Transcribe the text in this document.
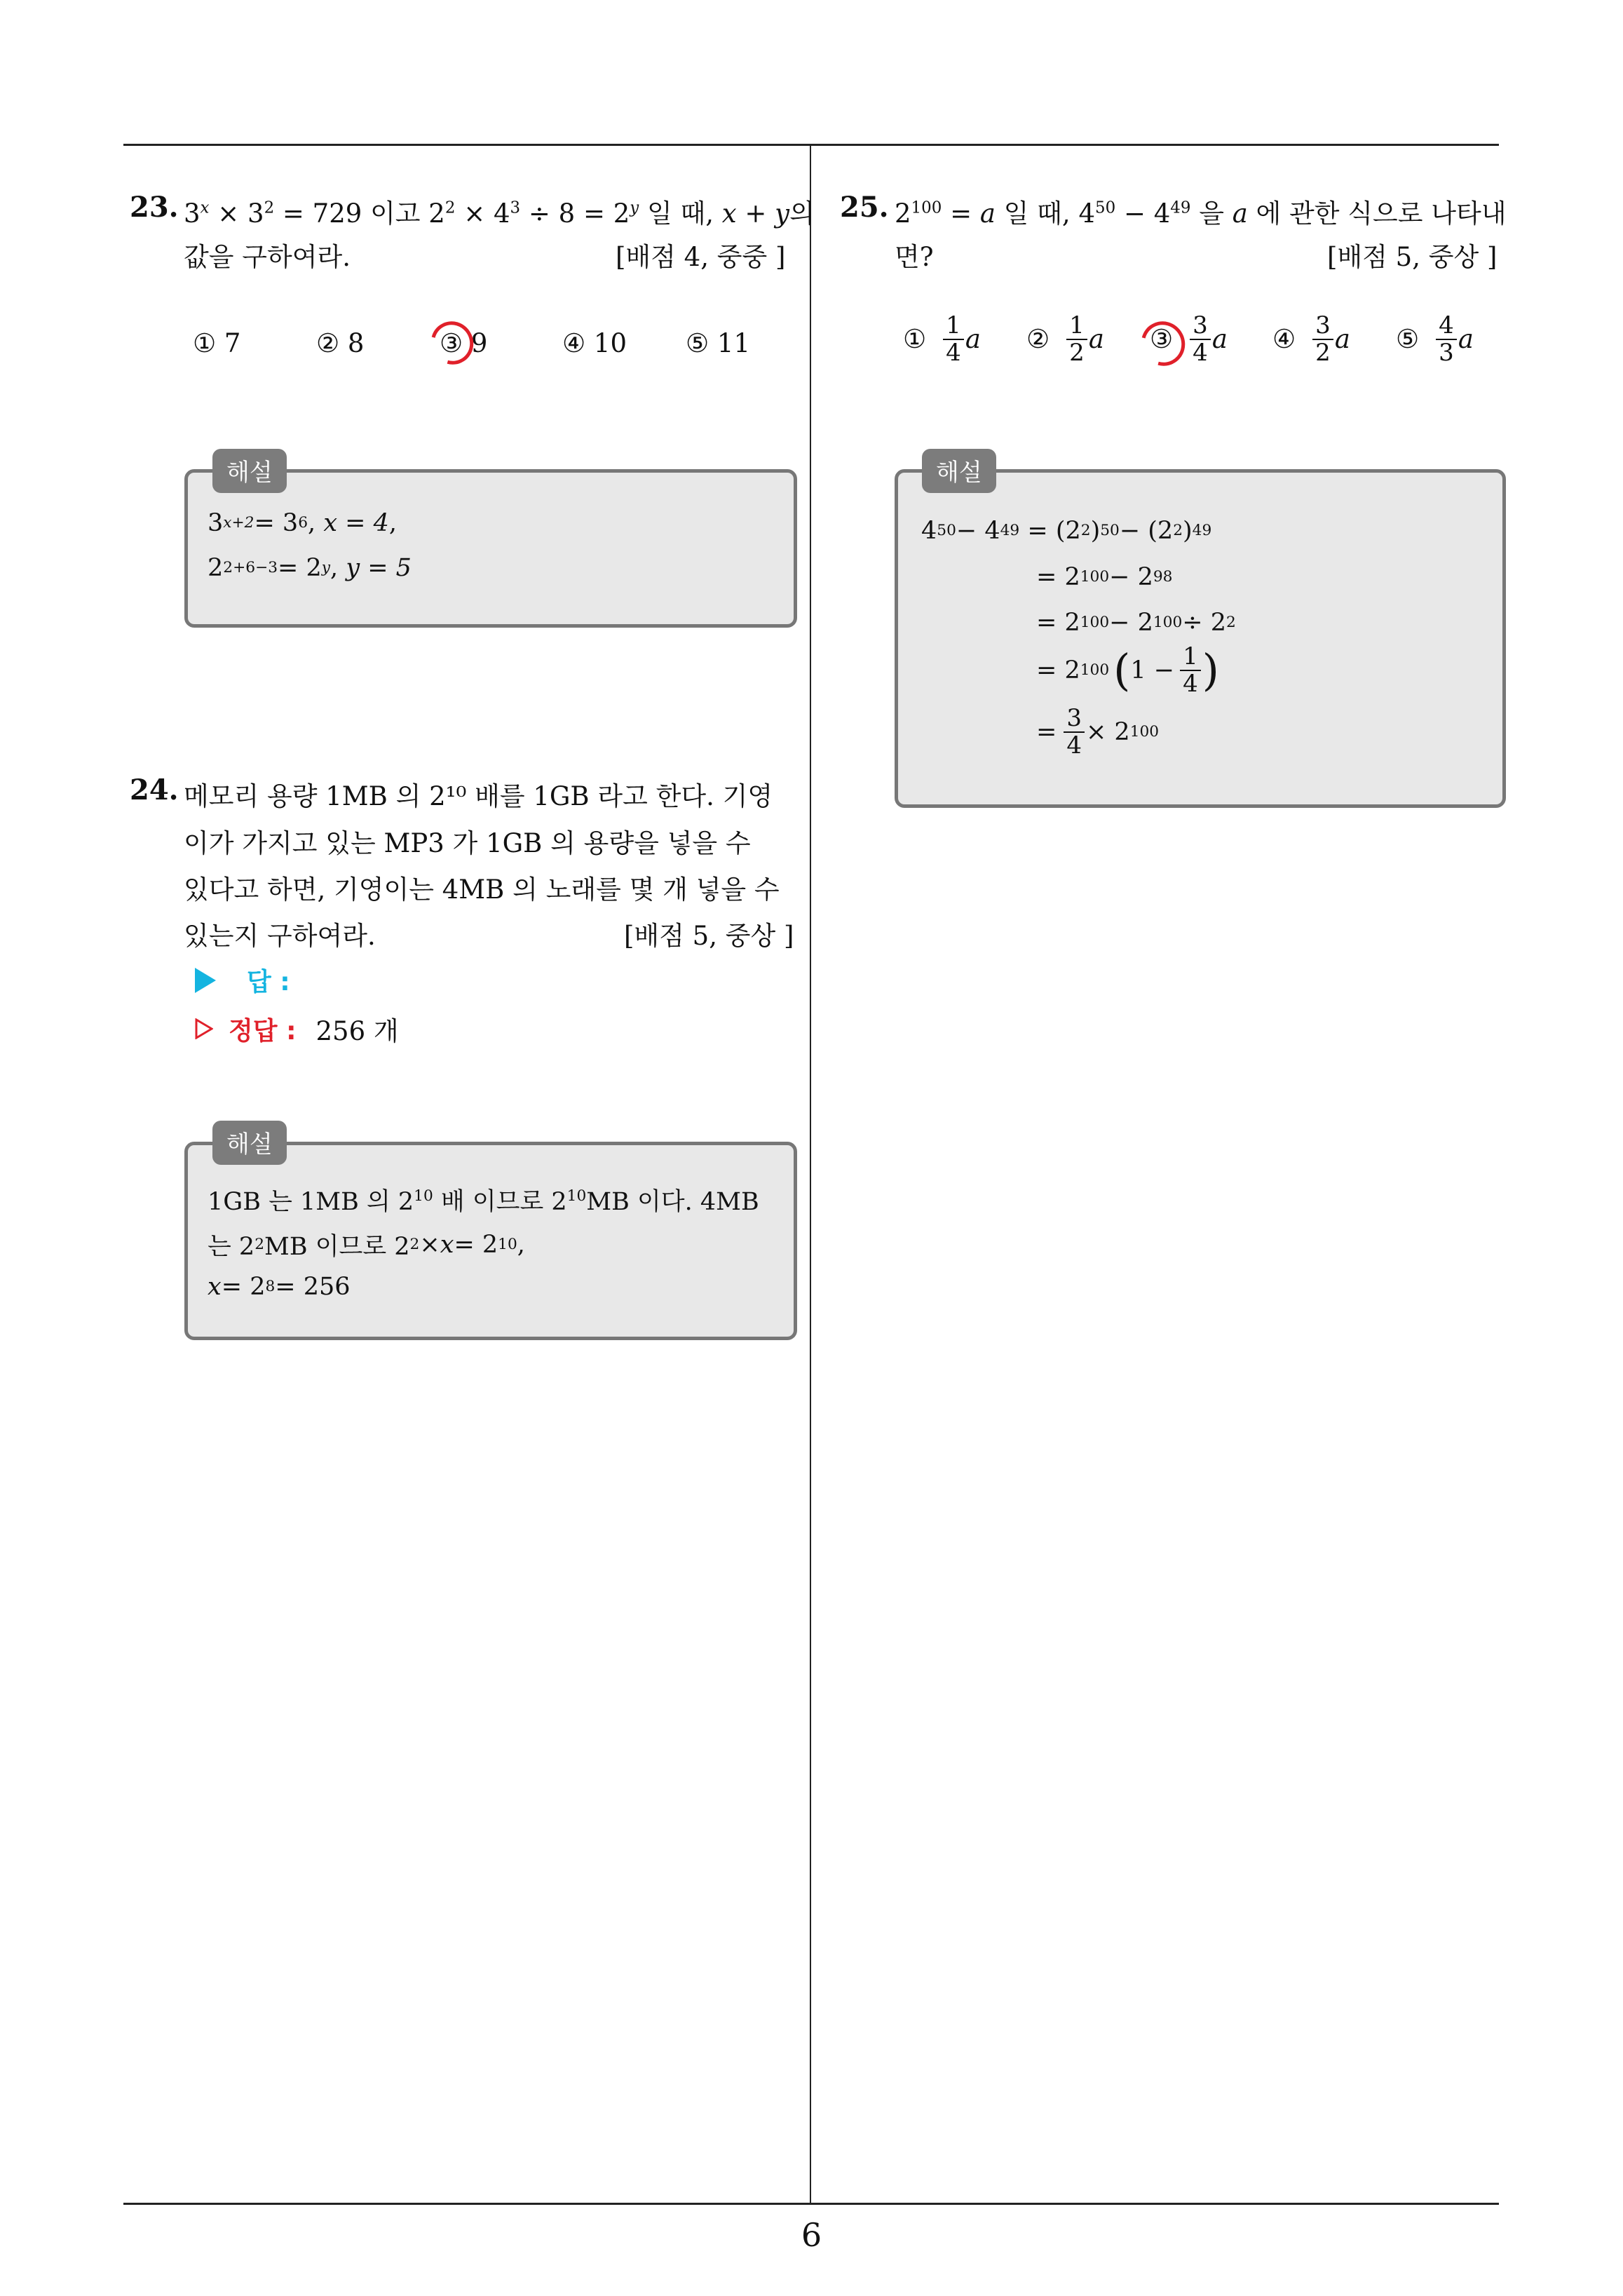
6
23. $3^x \times 3^2 = 729$ 이고 $2^2 \times 4^3 \div 8 = 2^y$ 일 때, x + y 의
값을 구하여라.	[배점 4, 중중 ]
① 7	② 8	③ 9	④ 10 ⑤ 11
해설
3 x+2 = 3 6 ,
x = 4 ,
2 2+6−3 = 2 y ,
y = 5
24. 메모리 용량 1MB 의 2¹⁰ 배를 1GB 라고 한다. 기영
이가 가지고 있는 MP3 가 1GB 의 용량을 넣을 수
있다고 하면, 기영이는 4MB 의 노래를 몇 개 넣을 수
있는지 구하여라.	[배점 5, 중상 ]
답 :
정답 : 256 개
해설
1GB 는 1MB 의 $2^{10}$ 배 이므로 $2^{10}MB$ 이다. 4MB
는 2 2 MB 이므로 2 2 × x = 2 10 ,
x = 2 8 = 256
25. $2^{100} = a$ 일 때, $4^{50} - 4^{49}$ 을 a 에 관한 식으로 나타내
면?	[배점 5, 중상 ]
① $\frac{1}{4}$ a ② $\frac{1}{2}$ a ③ $\frac{3}{4}$ a ④ $\frac{3}{2}$ a ⑤ $\frac{4}{3}$ a
해설
4 50 − 4 49
= (2 2 ) 50 − (2 2 ) 49
= 2 100 − 2 98
= 2 100 − 2 100 ÷ 2 2
= 2 100 ( $1 - \frac{1}{4}$ )
= $\frac{3}{4} \times 2$ 100
